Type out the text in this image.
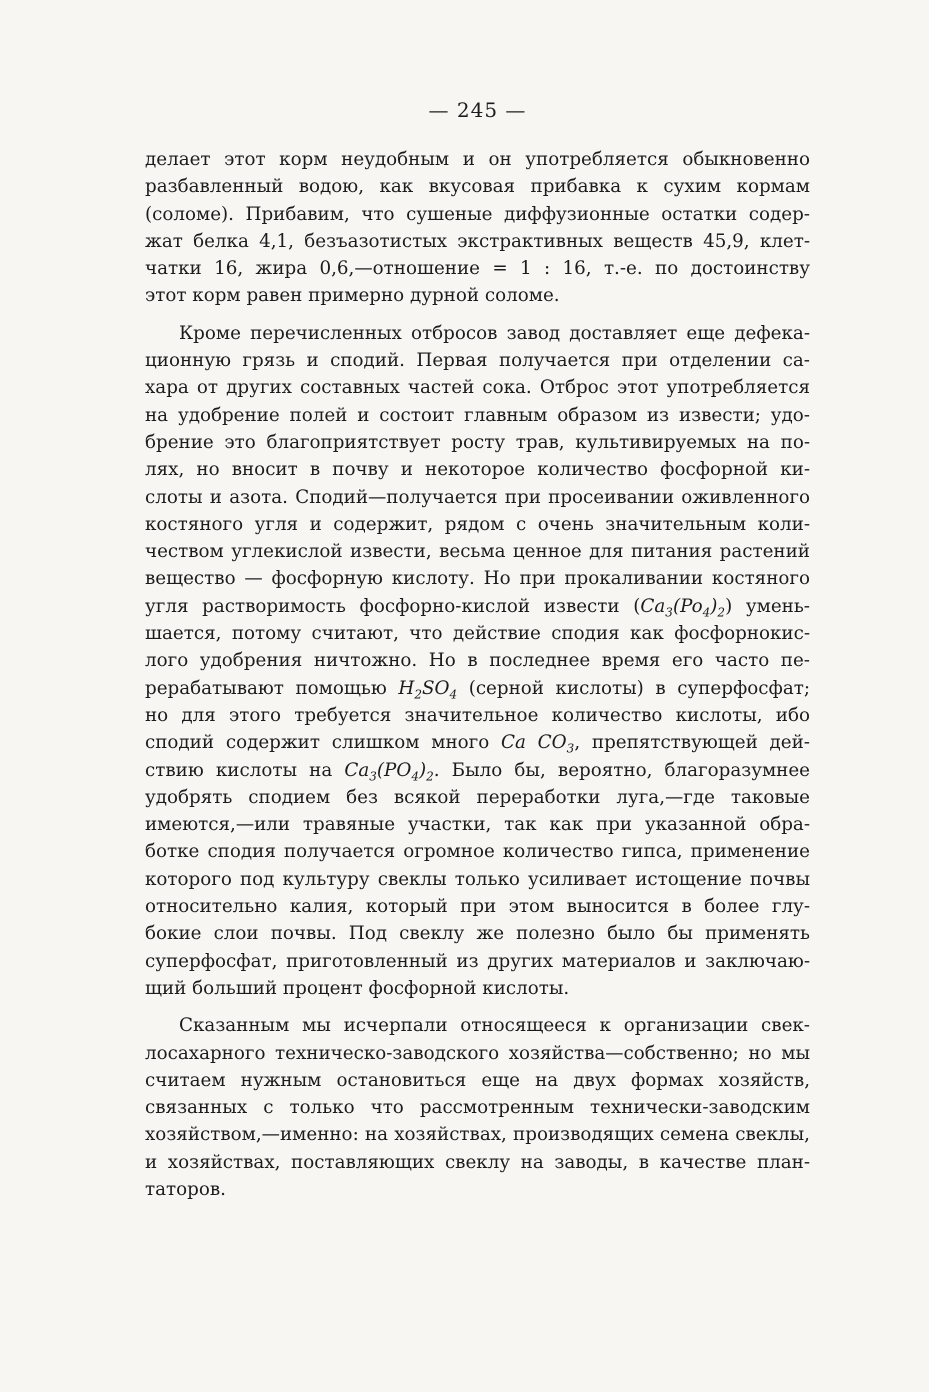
— 245 —
делает этот корм неудобным и он употребляется обыкновенно
разбавленный водою, как вкусовая прибавка к сухим кормам
(соломе). Прибавим, что сушеные диффузионные остатки содер-
жат белка 4,1, безъазотистых экстрактивных веществ 45,9, клет-
чатки 16, жира 0,6,—отношение = 1 : 16, т.-е. по достоинству
этот корм равен примерно дурной соломе.
Кроме перечисленных отбросов завод доставляет еще дефека-
ционную грязь и сподий. Первая получается при отделении са-
хара от других составных частей сока. Отброс этот употребляется
на удобрение полей и состоит главным образом из извести; удо-
брение это благоприятствует росту трав, культивируемых на по-
лях, но вносит в почву и некоторое количество фосфорной ки-
слоты и азота. Сподий—получается при просеивании оживленного
костяного угля и содержит, рядом с очень значительным коли-
чеством углекислой извести, весьма ценное для питания растений
вещество — фосфорную кислоту. Но при прокаливании костяного
угля растворимость фосфорно-кислой извести $(Ca_3(Po_4)_2)$ умень-
шается, потому считают, что действие сподия как фосфорнокис-
лого удобрения ничтожно. Но в последнее время его часто пе-
рерабатывают помощью $H_2SO_4$ (серной кислоты) в суперфосфат;
но для этого требуется значительное количество кислоты, ибо
сподий содержит слишком много Ca $CO_3$, препятствующей дей-
ствию кислоты на $Ca_3(PO_4)_2$. Было бы, вероятно, благоразумнее
удобрять сподием без всякой переработки луга,—где таковые
имеются,—или травяные участки, так как при указанной обра-
ботке сподия получается огромное количество гипса, применение
которого под культуру свеклы только усиливает истощение почвы
относительно калия, который при этом выносится в более глу-
бокие слои почвы. Под свеклу же полезно было бы применять
суперфосфат, приготовленный из других материалов и заключаю-
щий больший процент фосфорной кислоты.
Сказанным мы исчерпали относящееся к организации свек-
лосахарного техническо-заводского хозяйства—собственно; но мы
считаем нужным остановиться еще на двух формах хозяйств,
связанных с только что рассмотренным технически-заводским
хозяйством,—именно: на хозяйствах, производящих семена свеклы,
и хозяйствах, поставляющих свеклу на заводы, в качестве план-
таторов.
